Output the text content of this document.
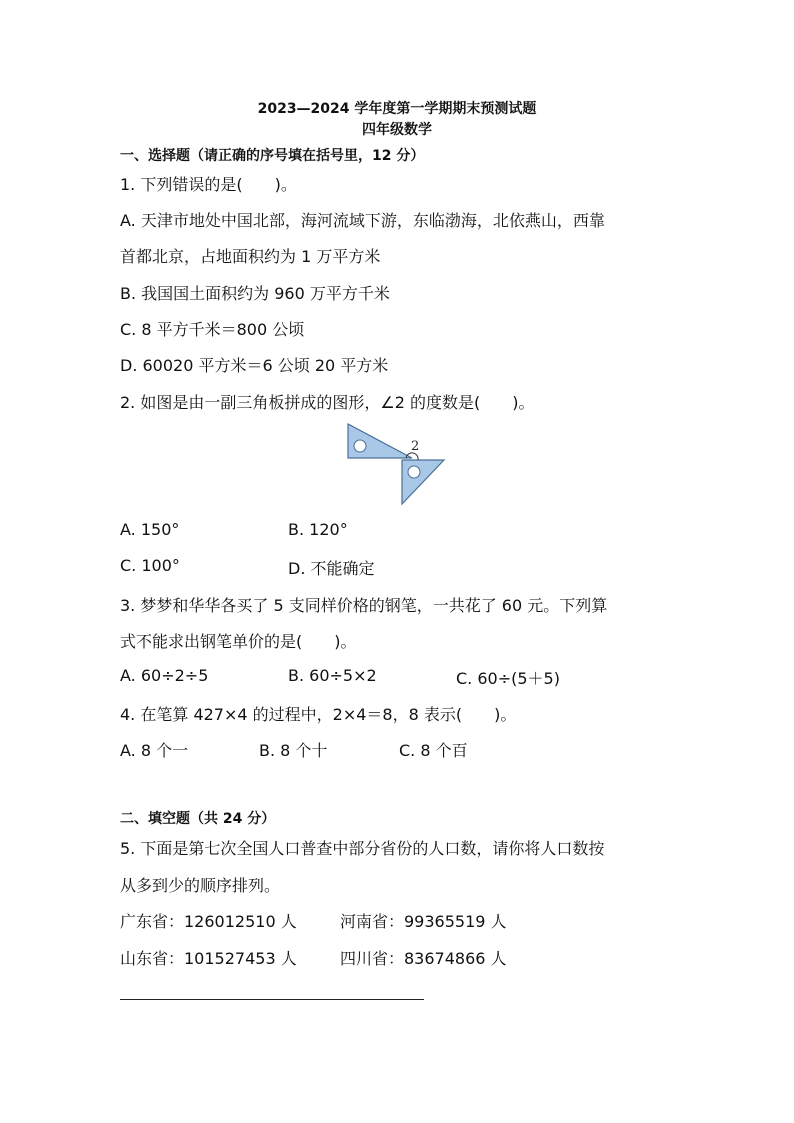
2023—2024 学年度第一学期期末预测试题
四年级数学
一、选择题（请正确的序号填在括号里，12 分）
1. 下列错误的是(　　)。
A. 天津市地处中国北部，海河流域下游，东临渤海，北依燕山，西靠
首都北京，占地面积约为 1 万平方米
B. 我国国土面积约为 960 万平方千米
C. 8 平方千米＝800 公顷
D. 60020 平方米＝6 公顷 20 平方米
2. 如图是由一副三角板拼成的图形，∠2 的度数是(　　)。
2
A. 150°	B. 120°
C. 100°	D. 不能确定
3. 梦梦和华华各买了 5 支同样价格的钢笔，一共花了 60 元。下列算
式不能求出钢笔单价的是(　　)。
A. 60÷2÷5	B. 60÷5×2	C. 60÷(5＋5)
4. 在笔算 427×4 的过程中，2×4＝8，8 表示(　　)。
A. 8 个一	B. 8 个十	C. 8 个百
二、填空题（共 24 分）
5. 下面是第七次全国人口普查中部分省份的人口数，请你将人口数按
从多到少的顺序排列。
广东省：126012510 人	河南省：99365519 人
山东省：101527453 人	四川省：83674866 人
